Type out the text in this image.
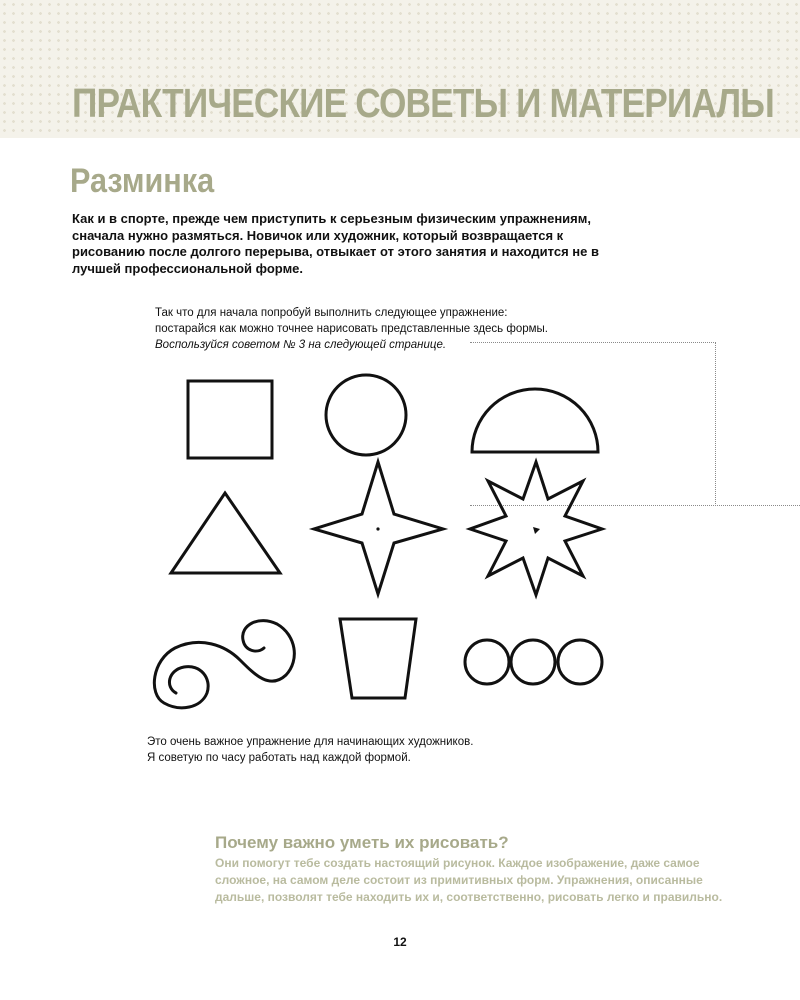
ПРАКТИЧЕСКИЕ СОВЕТЫ И МАТЕРИАЛЫ
Разминка

Как и в спорте, прежде чем приступить к серьезным физическим упражнениям, сначала нужно размяться. Новичок или художник, который возвращается к рисованию после долгого перерыва, отвыкает от этого занятия и находится не в лучшей профессиональной форме.

Так что для начала попробуй выполнить следующее упражнение:
постарайся как можно точнее нарисовать представленные здесь формы.
Воспользуйся советом № 3 на следующей странице.
Это очень важное упражнение для начинающих художников.
Я советую по часу работать над каждой формой.
Почему важно уметь их рисовать?
Они помогут тебе создать настоящий рисунок. Каждое изображение, даже самое
сложное, на самом деле состоит из примитивных форм. Упражнения, описанные
дальше, позволят тебе находить их и, соответственно, рисовать легко и правильно.
12
